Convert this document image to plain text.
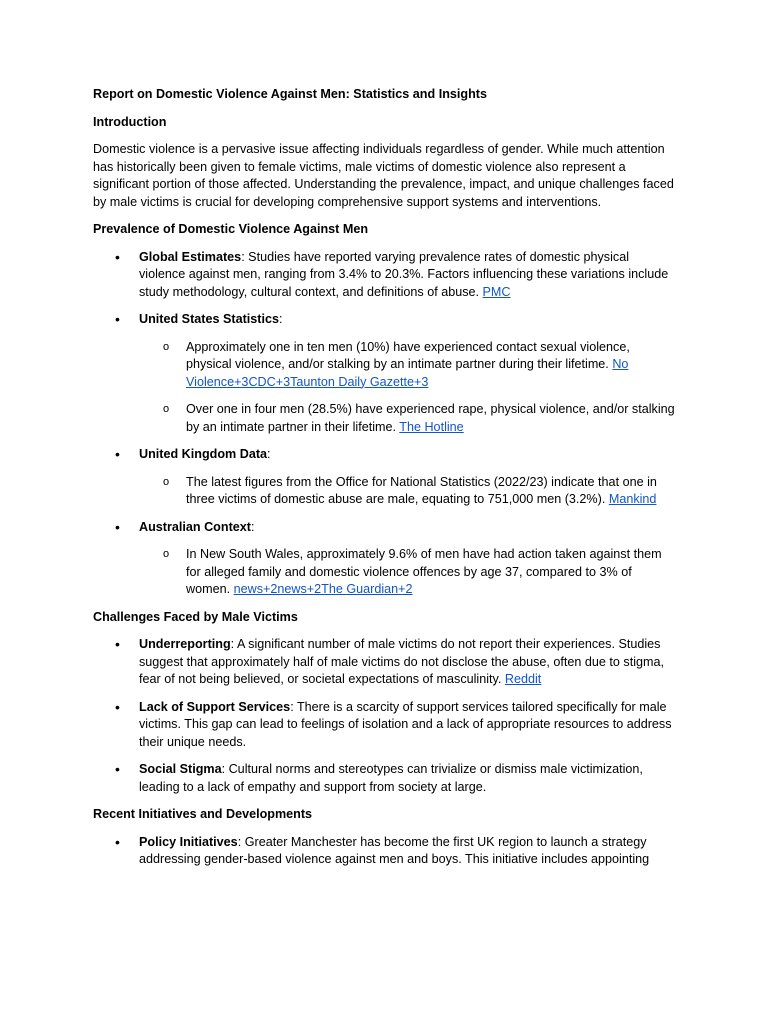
Report on Domestic Violence Against Men: Statistics and Insights

Introduction

Domestic violence is a pervasive issue affecting individuals regardless of gender. While much attention has historically been given to female victims, male victims of domestic violence also represent a significant portion of those affected. Understanding the prevalence, impact, and unique challenges faced by male victims is crucial for developing comprehensive support systems and interventions.

Prevalence of Domestic Violence Against Men

• Global Estimates: Studies have reported varying prevalence rates of domestic physical violence against men, ranging from 3.4% to 20.3%. Factors influencing these variations include study methodology, cultural context, and definitions of abuse. PMC
• United States Statistics:
o Approximately one in ten men (10%) have experienced contact sexual violence, physical violence, and/or stalking by an intimate partner during their lifetime. No Violence+3CDC+3Taunton Daily Gazette+3
o Over one in four men (28.5%) have experienced rape, physical violence, and/or stalking by an intimate partner in their lifetime. The Hotline
• United Kingdom Data:
o The latest figures from the Office for National Statistics (2022/23) indicate that one in three victims of domestic abuse are male, equating to 751,000 men (3.2%). Mankind
• Australian Context:
o In New South Wales, approximately 9.6% of men have had action taken against them for alleged family and domestic violence offences by age 37, compared to 3% of women. news+2news+2The Guardian+2

Challenges Faced by Male Victims

• Underreporting: A significant number of male victims do not report their experiences. Studies suggest that approximately half of male victims do not disclose the abuse, often due to stigma, fear of not being believed, or societal expectations of masculinity. Reddit
• Lack of Support Services: There is a scarcity of support services tailored specifically for male victims. This gap can lead to feelings of isolation and a lack of appropriate resources to address their unique needs.
• Social Stigma: Cultural norms and stereotypes can trivialize or dismiss male victimization, leading to a lack of empathy and support from society at large.

Recent Initiatives and Developments

• Policy Initiatives: Greater Manchester has become the first UK region to launch a strategy addressing gender-based violence against men and boys. This initiative includes appointing
